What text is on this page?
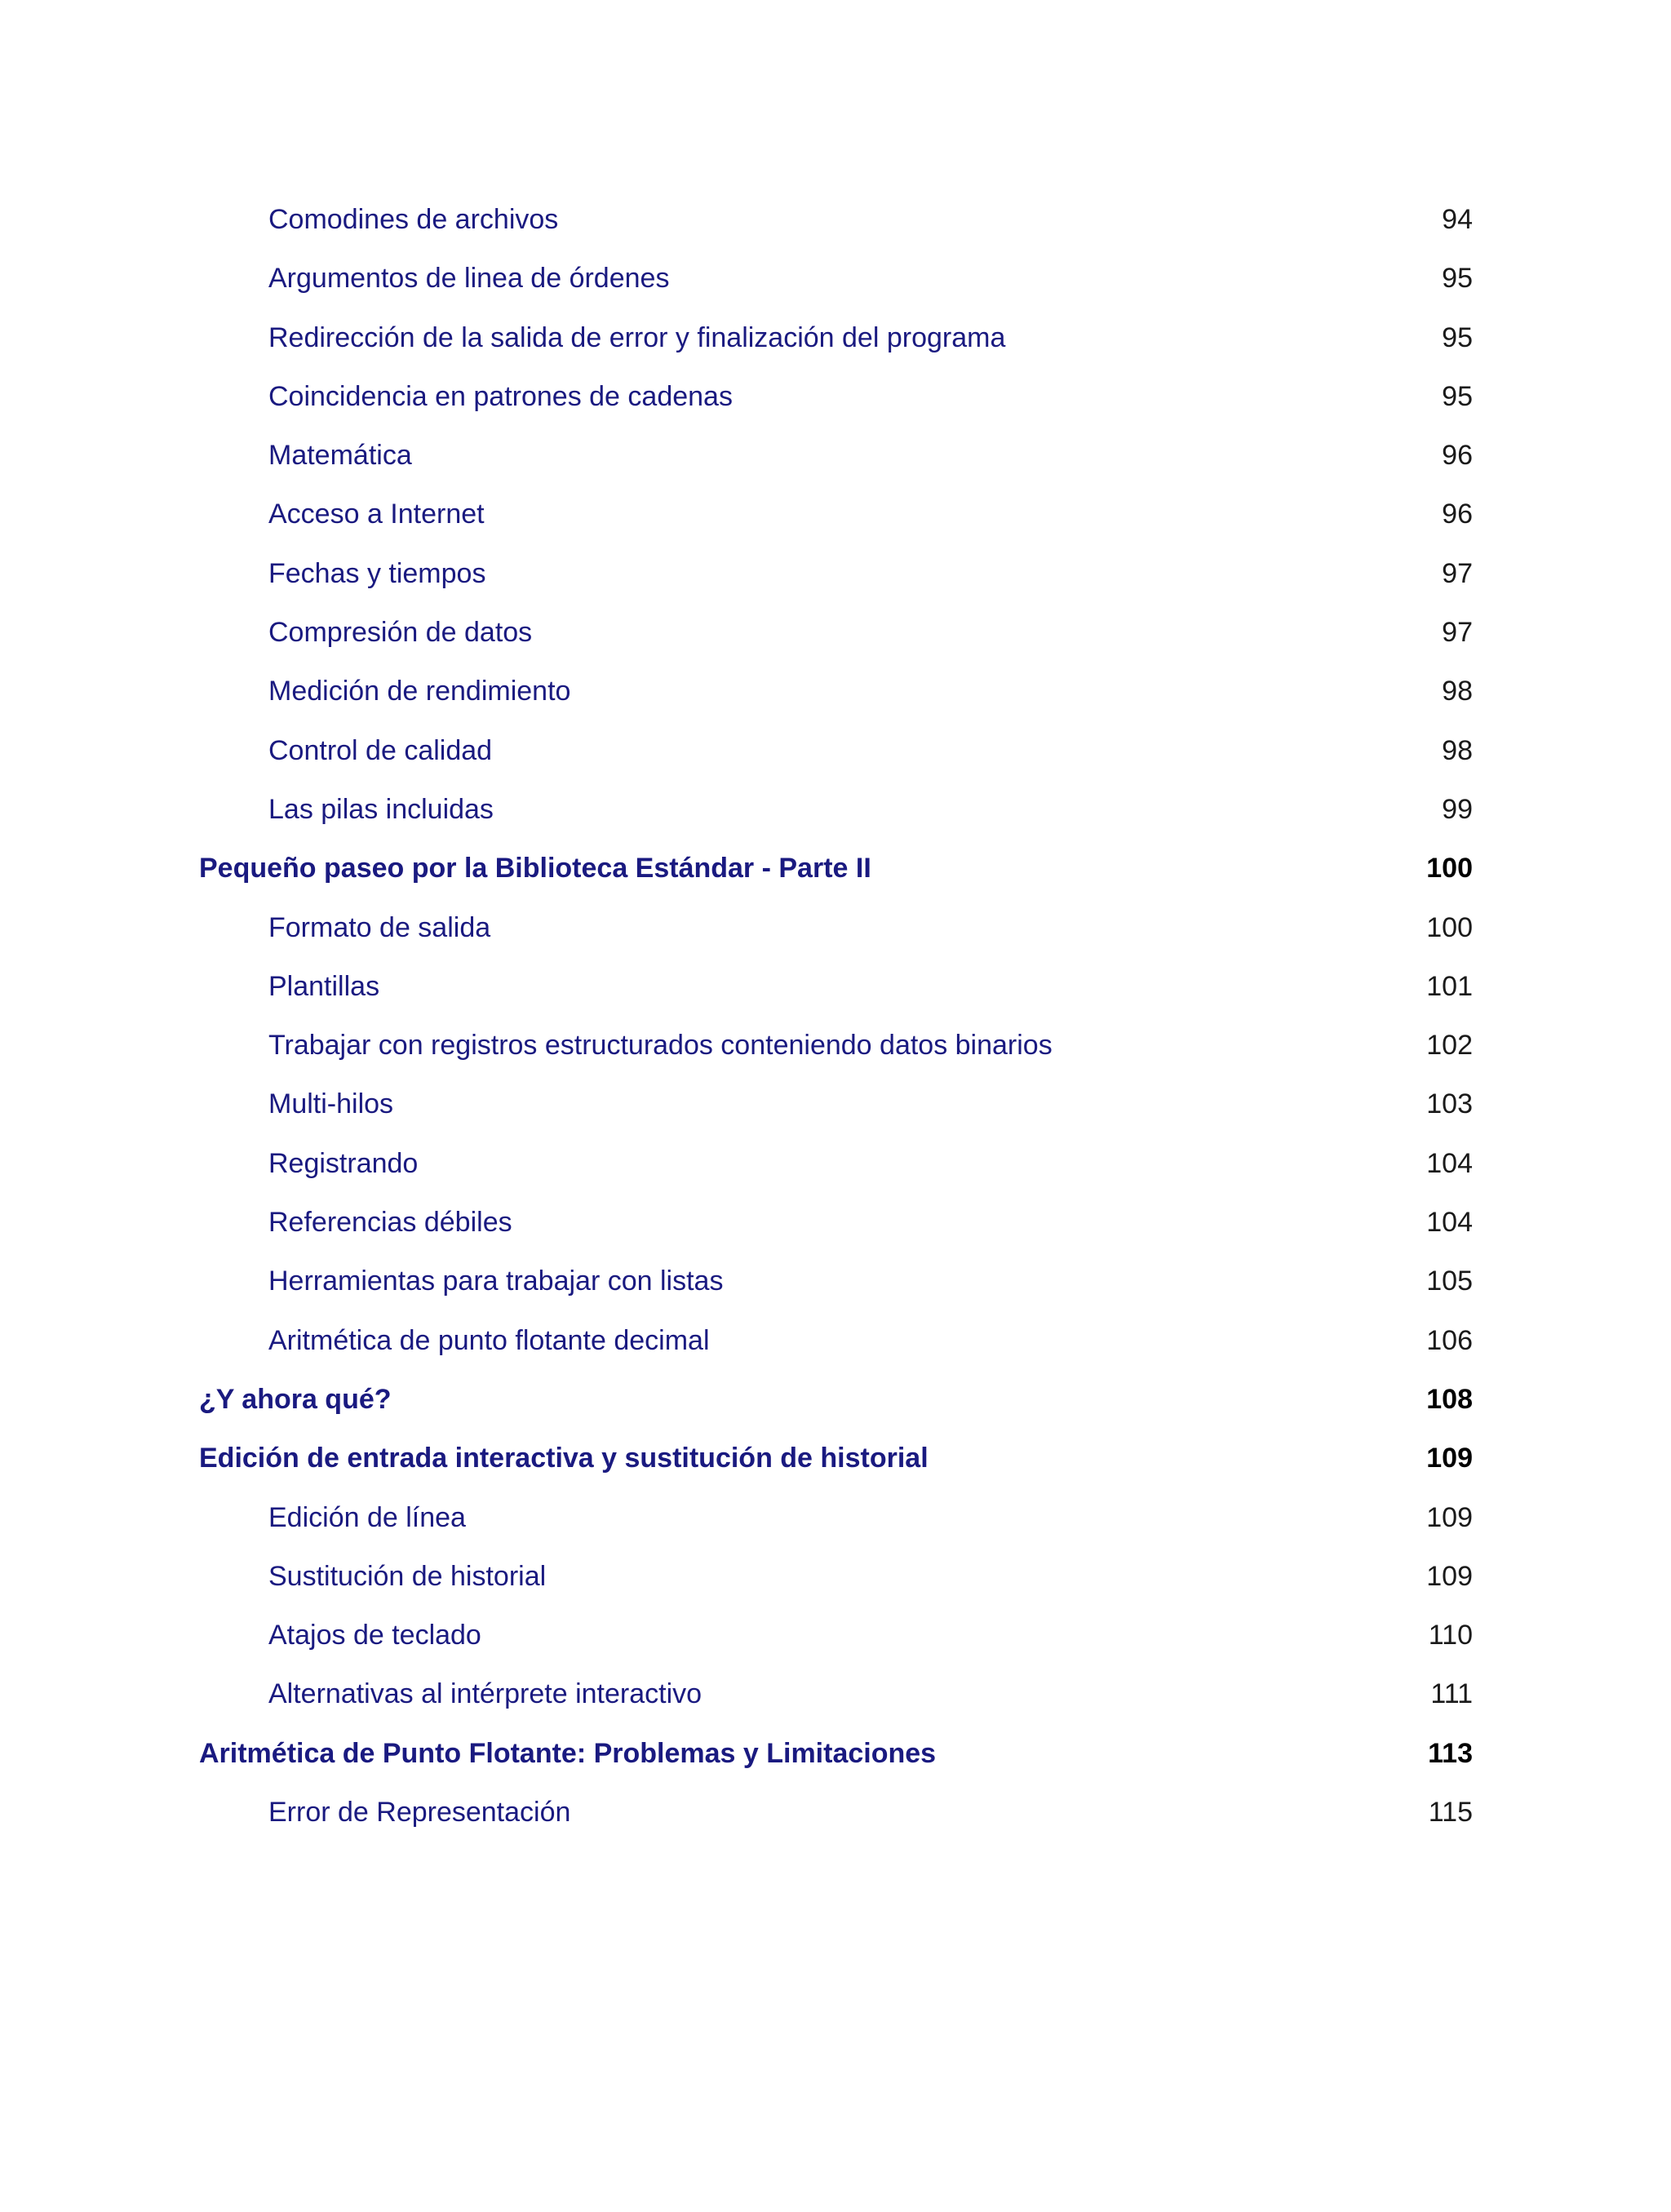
Comodines de archivos	94
Argumentos de linea de órdenes	95
Redirección de la salida de error y finalización del programa	95
Coincidencia en patrones de cadenas	95
Matemática	96
Acceso a Internet	96
Fechas y tiempos	97
Compresión de datos	97
Medición de rendimiento	98
Control de calidad	98
Las pilas incluidas	99
Pequeño paseo por la Biblioteca Estándar - Parte II	100
Formato de salida	100
Plantillas	101
Trabajar con registros estructurados conteniendo datos binarios	102
Multi-hilos	103
Registrando	104
Referencias débiles	104
Herramientas para trabajar con listas	105
Aritmética de punto flotante decimal	106
¿Y ahora qué?	108
Edición de entrada interactiva y sustitución de historial	109
Edición de línea	109
Sustitución de historial	109
Atajos de teclado	110
Alternativas al intérprete interactivo	111
Aritmética de Punto Flotante: Problemas y Limitaciones	113
Error de Representación	115
